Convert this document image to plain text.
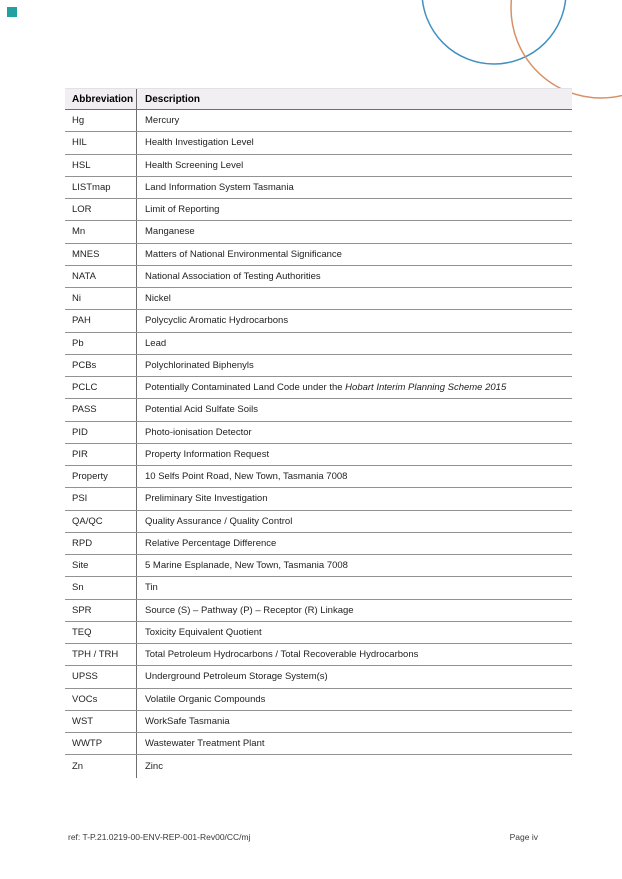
Abbreviation	Description
Hg	Mercury
HIL	Health Investigation Level
HSL	Health Screening Level
LISTmap	Land Information System Tasmania
LOR	Limit of Reporting
Mn	Manganese
MNES	Matters of National Environmental Significance
NATA	National Association of Testing Authorities
Ni	Nickel
PAH	Polycyclic Aromatic Hydrocarbons
Pb	Lead
PCBs	Polychlorinated Biphenyls
PCLC	Potentially Contaminated Land Code under the Hobart Interim Planning Scheme 2015
PASS	Potential Acid Sulfate Soils
PID	Photo-ionisation Detector
PIR	Property Information Request
Property	10 Selfs Point Road, New Town, Tasmania 7008
PSI	Preliminary Site Investigation
QA/QC	Quality Assurance / Quality Control
RPD	Relative Percentage Difference
Site	5 Marine Esplanade, New Town, Tasmania 7008
Sn	Tin
SPR	Source (S) – Pathway (P) – Receptor (R) Linkage
TEQ	Toxicity Equivalent Quotient
TPH / TRH	Total Petroleum Hydrocarbons / Total Recoverable Hydrocarbons
UPSS	Underground Petroleum Storage System(s)
VOCs	Volatile Organic Compounds
WST	WorkSafe Tasmania
WWTP	Wastewater Treatment Plant
Zn	Zinc
ref: T-P.21.0219-00-ENV-REP-001-Rev00/CC/mj	Page iv
